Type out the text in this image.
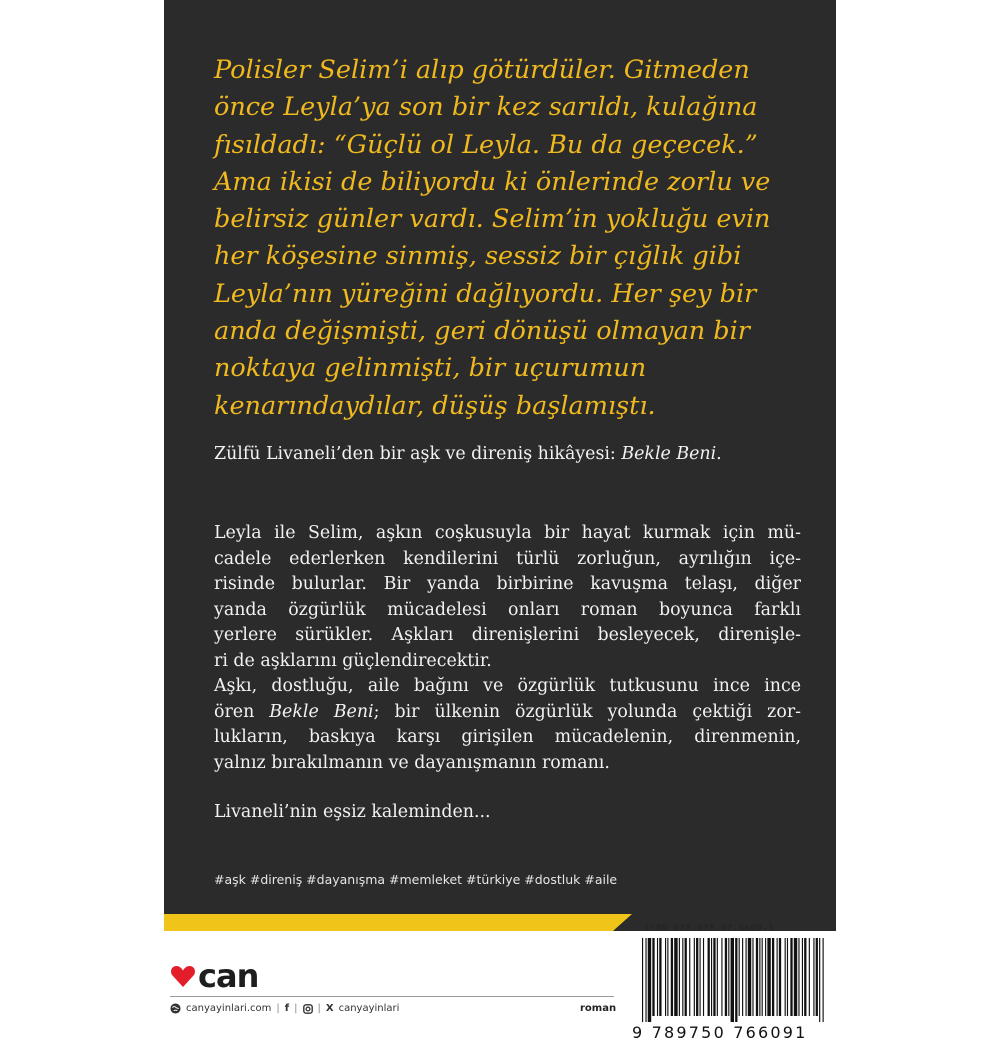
Polisler Selim’i alıp götürdüler. Gitmeden
önce Leyla’ya son bir kez sarıldı, kulağına
fısıldadı: “Güçlü ol Leyla. Bu da geçecek.”
Ama ikisi de biliyordu ki önlerinde zorlu ve
belirsiz günler vardı. Selim’in yokluğu evin
her köşesine sinmiş, sessiz bir çığlık gibi
Leyla’nın yüreğini dağlıyordu. Her şey bir
anda değişmişti, geri dönüşü olmayan bir
noktaya gelinmişti, bir uçurumun
kenarındaydılar, düşüş başlamıştı.
Zülfü Livaneli’den bir aşk ve direniş hikâyesi: Bekle Beni.
Leyla ile Selim, aşkın coşkusuyla bir hayat kurmak için mü-
cadele ederlerken kendilerini türlü zorluğun, ayrılığın içe-
risinde bulurlar. Bir yanda birbirine kavuşma telaşı, diğer
yanda özgürlük mücadelesi onları roman boyunca farklı
yerlere sürükler. Aşkları direnişlerini besleyecek, direnişle-
ri de aşklarını güçlendirecektir.
Aşkı, dostluğu, aile bağını ve özgürlük tutkusunu ince ince
ören Bekle Beni; bir ülkenin özgürlük yolunda çektiği zor-
lukların, baskıya karşı girişilen mücadelenin, direnmenin,
yalnız bırakılmanın ve dayanışmanın romanı.
Livaneli’nin eşsiz kaleminden...
#aşk #direniş #dayanışma #memleket #türkiye #dostluk #aile
can
canyayinlari.com | f | | X canyayinlari	roman
ISBN 978-975-07-6609-1
9 789750 766091
